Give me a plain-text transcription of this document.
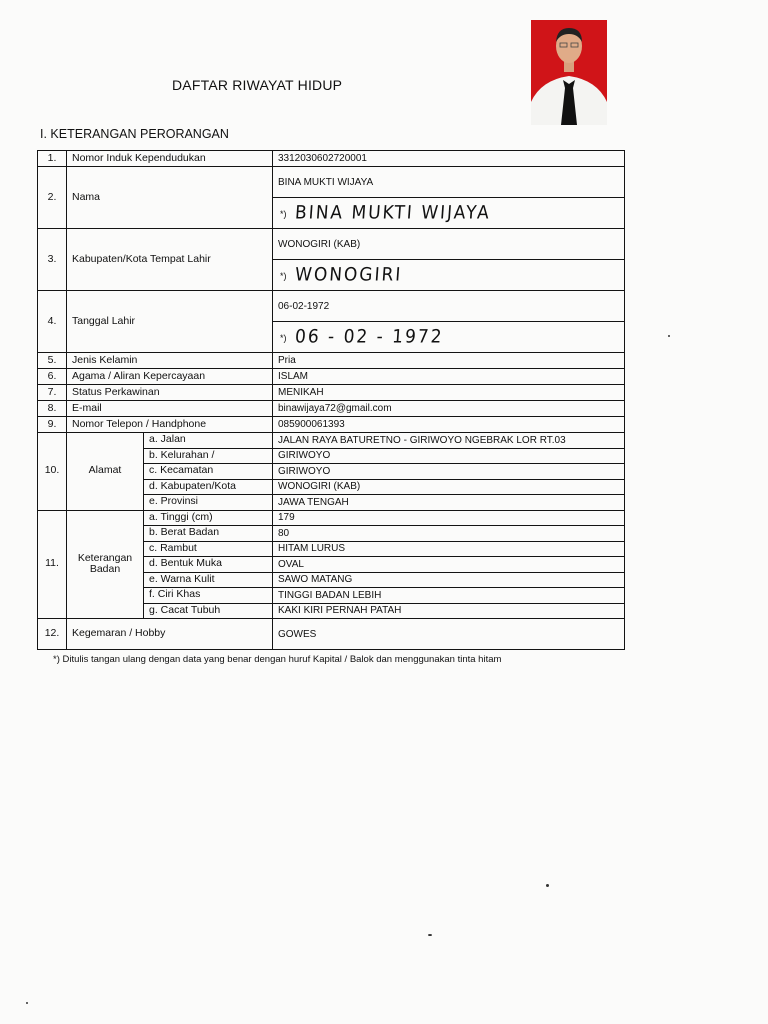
DAFTAR RIWAYAT HIDUP
I. KETERANGAN PERORANGAN
1.	Nomor Induk Kependudukan		3312030602720001
2.	Nama		BINA MUKTI WIJAYA
			*) BINA MUKTI WIJAYA
3.	Kabupaten/Kota Tempat Lahir		WONOGIRI (KAB)
			*) WONOGIRI
4.	Tanggal Lahir		06-02-1972
			*) 06 - 02 - 1972
5.	Jenis Kelamin		Pria
6.	Agama / Aliran Kepercayaan		ISLAM
7.	Status Perkawinan		MENIKAH
8.	E-mail		binawijaya72@gmail.com
9.	Nomor Telepon / Handphone		085900061393
10.	Alamat	a. Jalan	JALAN RAYA BATURETNO - GIRIWOYO NGEBRAK LOR RT.03
		b. Kelurahan /	GIRIWOYO
		c. Kecamatan	GIRIWOYO
		d. Kabupaten/Kota	WONOGIRI (KAB)
		e. Provinsi	JAWA TENGAH
11.	Keterangan
Badan	a. Tinggi (cm)	179
		b. Berat Badan	80
		c. Rambut	HITAM LURUS
		d. Bentuk Muka	OVAL
		e. Warna Kulit	SAWO MATANG
		f. Ciri Khas	TINGGI BADAN LEBIH
		g. Cacat Tubuh	KAKI KIRI PERNAH PATAH
12.	Kegemaran / Hobby		GOWES
*) Ditulis tangan ulang dengan data yang benar dengan huruf Kapital / Balok dan menggunakan tinta hitam
